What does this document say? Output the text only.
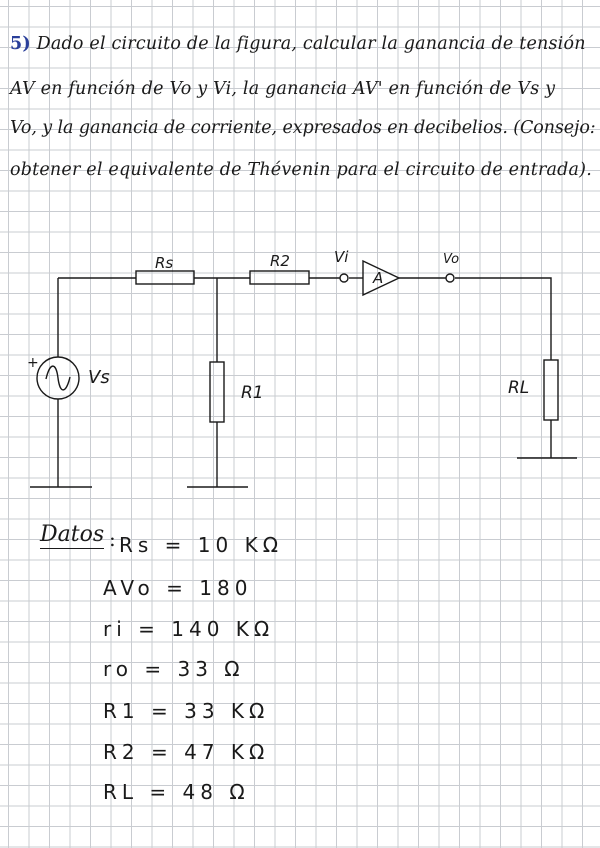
5) Dado el circuito de la figura, calcular la ganancia de tensión
AV en función de Vo y Vi, la ganancia AV' en función de Vs y
Vo, y la ganancia de corriente, expresados en decibelios. (Consejo:
obtener el equivalente de Thévenin para el circuito de entrada).
Rs	R2	Vi
A
Vo
+
Vs
R1	RL
Datos : Rs = 10 KΩ
AVo = 180
ri = 140 KΩ
ro = 33 Ω
R1 = 33 KΩ
R2 = 47 KΩ
RL = 48 Ω
